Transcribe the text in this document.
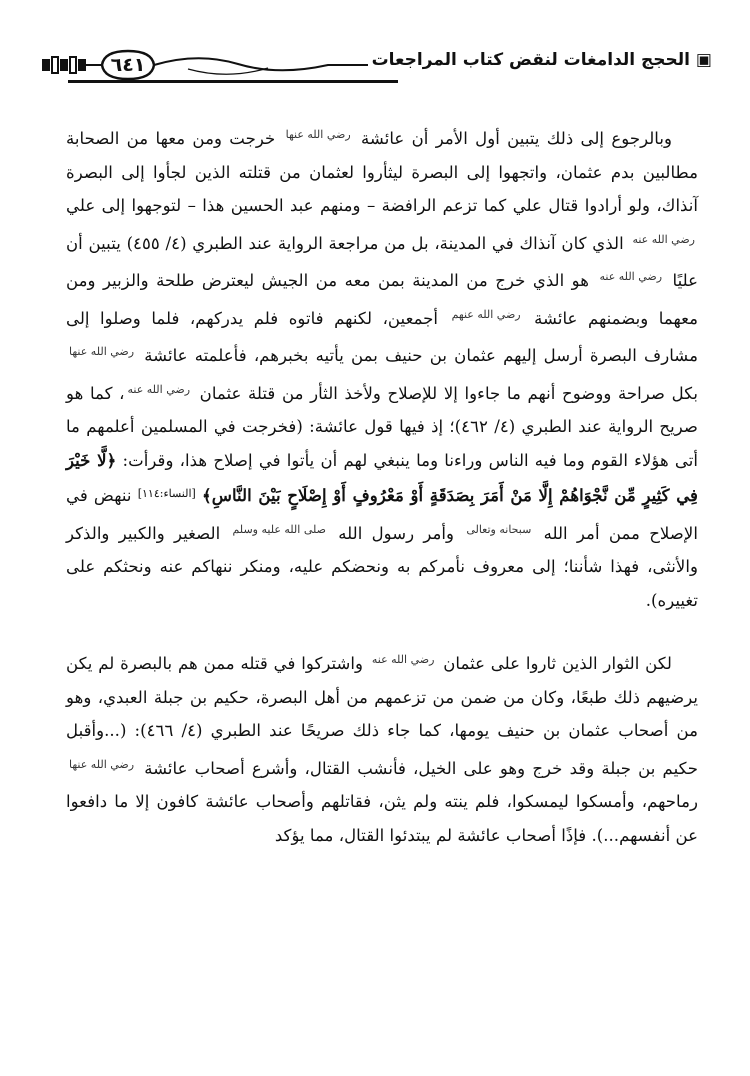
٦٤١	▣ الحجج الدامغات لنقض كتاب المراجعات

وبالرجوع إلى ذلك يتبين أول الأمر أن عائشة رضي الله عنها خرجت ومن معها من الصحابة مطالبين بدم عثمان، واتجهوا إلى البصرة ليثأروا لعثمان من قتلته الذين لجأوا إلى البصرة آنذاك، ولو أرادوا قتال علي كما تزعم الرافضة – ومنهم عبد الحسين هذا – لتوجهوا إلى علي رضي الله عنه الذي كان آنذاك في المدينة، بل من مراجعة الرواية عند الطبري (٤/ ٤٥٥) يتبين أن عليًا رضي الله عنه هو الذي خرج من المدينة بمن معه من الجيش ليعترض طلحة والزبير ومن معهما وبضمنهم عائشة رضي الله عنهم أجمعين، لكنهم فاتوه فلم يدركهم، فلما وصلوا إلى مشارف البصرة أرسل إليهم عثمان بن حنيف بمن يأتيه بخبرهم، فأعلمته عائشة رضي الله عنها بكل صراحة ووضوح أنهم ما جاءوا إلا للإصلاح ولأخذ الثأر من قتلة عثمان رضي الله عنه، كما هو صريح الرواية عند الطبري (٤/ ٤٦٢)؛ إذ فيها قول عائشة: (فخرجت في المسلمين أعلمهم ما أتى هؤلاء القوم وما فيه الناس وراءنا وما ينبغي لهم أن يأتوا في إصلاح هذا، وقرأت: ﴿لَّا خَيْرَ فِي كَثِيرٍ مِّن نَّجْوَاهُمْ إِلَّا مَنْ أَمَرَ بِصَدَقَةٍ أَوْ مَعْرُوفٍ أَوْ إِصْلَاحٍ بَيْنَ النَّاسِ﴾ [النساء:١١٤] ننهض في الإصلاح ممن أمر الله سبحانه وتعالى وأمر رسول الله صلى الله عليه وسلم الصغير والكبير والذكر والأنثى، فهذا شأننا؛ إلى معروف نأمركم به ونحضكم عليه، ومنكر ننهاكم عنه ونحثكم على تغييره).

لكن الثوار الذين ثاروا على عثمان رضي الله عنه واشتركوا في قتله ممن هم بالبصرة لم يكن يرضيهم ذلك طبعًا، وكان من ضمن من تزعمهم من أهل البصرة، حكيم بن جبلة العبدي، وهو من أصحاب عثمان بن حنيف يومها، كما جاء ذلك صريحًا عند الطبري (٤/ ٤٦٦): (...وأقبل حكيم بن جبلة وقد خرج وهو على الخيل، فأنشب القتال، وأشرع أصحاب عائشة رضي الله عنها رماحهم، وأمسكوا ليمسكوا، فلم ينته ولم يثن، فقاتلهم وأصحاب عائشة كافون إلا ما دافعوا عن أنفسهم...). فإذًا أصحاب عائشة لم يبتدئوا القتال، مما يؤكد
